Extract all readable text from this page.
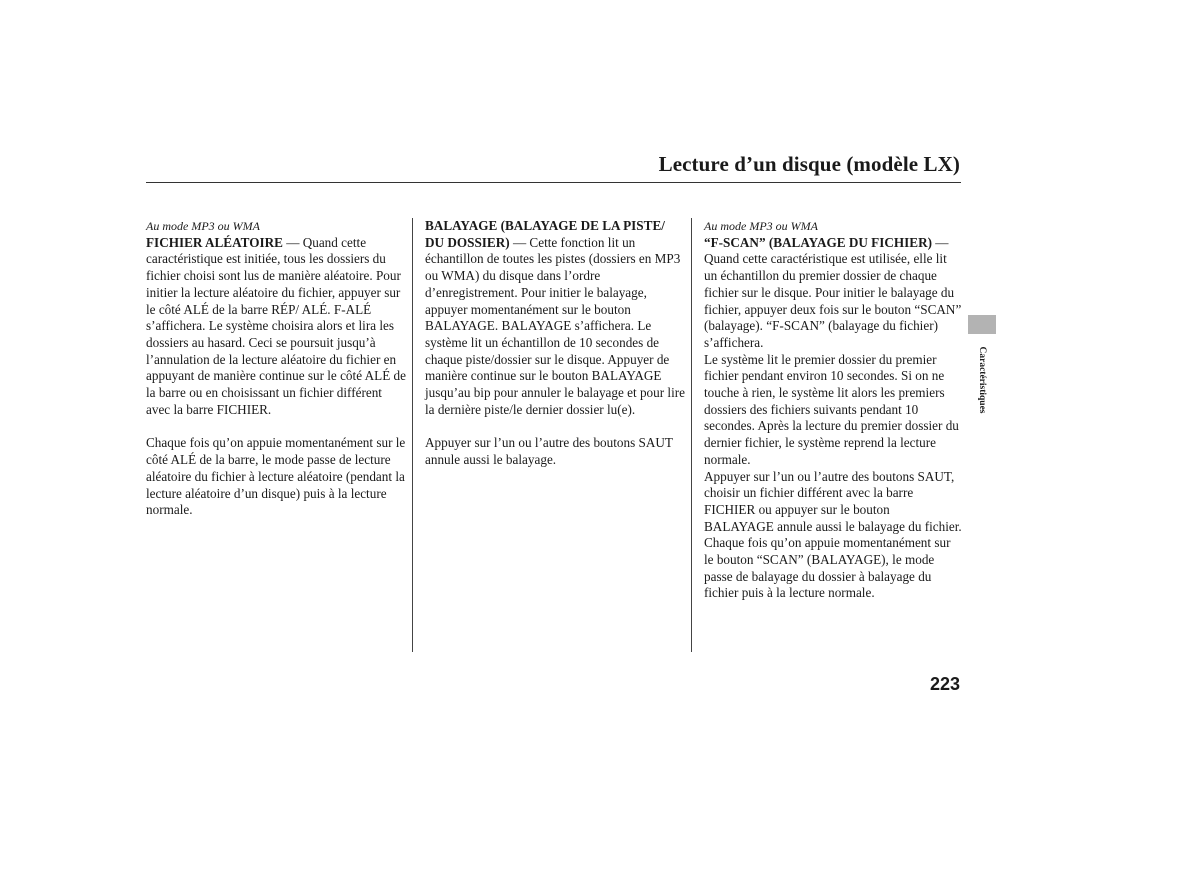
Lecture d’un disque (modèle LX)

Au mode MP3 ou WMA

FICHIER ALÉATOIRE — Quand cette caractéristique est initiée, tous les dossiers du fichier choisi sont lus de manière aléatoire. Pour initier la lecture aléatoire du fichier, appuyer sur le côté ALÉ de la barre RÉP/ ALÉ. F-ALÉ s’affichera. Le système choisira alors et lira les dossiers au hasard. Ceci se poursuit jusqu’à l’annulation de la lecture aléatoire du fichier en appuyant de manière continue sur le côté ALÉ de la barre ou en choisissant un fichier différent avec la barre FICHIER.

Chaque fois qu’on appuie momentanément sur le côté ALÉ de la barre, le mode passe de lecture aléatoire du fichier à lecture aléatoire (pendant la lecture aléatoire d’un disque) puis à la lecture normale.

BALAYAGE (BALAYAGE DE LA PISTE/ DU DOSSIER) — Cette fonction lit un échantillon de toutes les pistes (dossiers en MP3 ou WMA) du disque dans l’ordre d’enregistrement. Pour initier le balayage, appuyer momentanément sur le bouton BALAYAGE. BALAYAGE s’affichera. Le système lit un échantillon de 10 secondes de chaque piste/dossier sur le disque. Appuyer de manière continue sur le bouton BALAYAGE jusqu’au bip pour annuler le balayage et pour lire la dernière piste/le dernier dossier lu(e).

Appuyer sur l’un ou l’autre des boutons SAUT annule aussi le balayage.

Au mode MP3 ou WMA

“F-SCAN” (BALAYAGE DU FICHIER) —

Quand cette caractéristique est utilisée, elle lit un échantillon du premier dossier de chaque fichier sur le disque. Pour initier le balayage du fichier, appuyer deux fois sur le bouton “SCAN” (balayage). “F-SCAN” (balayage du fichier) s’affichera.

Le système lit le premier dossier du premier fichier pendant environ 10 secondes. Si on ne touche à rien, le système lit alors les premiers dossiers des fichiers suivants pendant 10 secondes. Après la lecture du premier dossier du dernier fichier, le système reprend la lecture normale.

Appuyer sur l’un ou l’autre des boutons SAUT, choisir un fichier différent avec la barre FICHIER ou appuyer sur le bouton BALAYAGE annule aussi le balayage du fichier.

Chaque fois qu’on appuie momentanément sur le bouton “SCAN” (BALAYAGE), le mode passe de balayage du dossier à balayage du fichier puis à la lecture normale.

Caractéristiques
223
